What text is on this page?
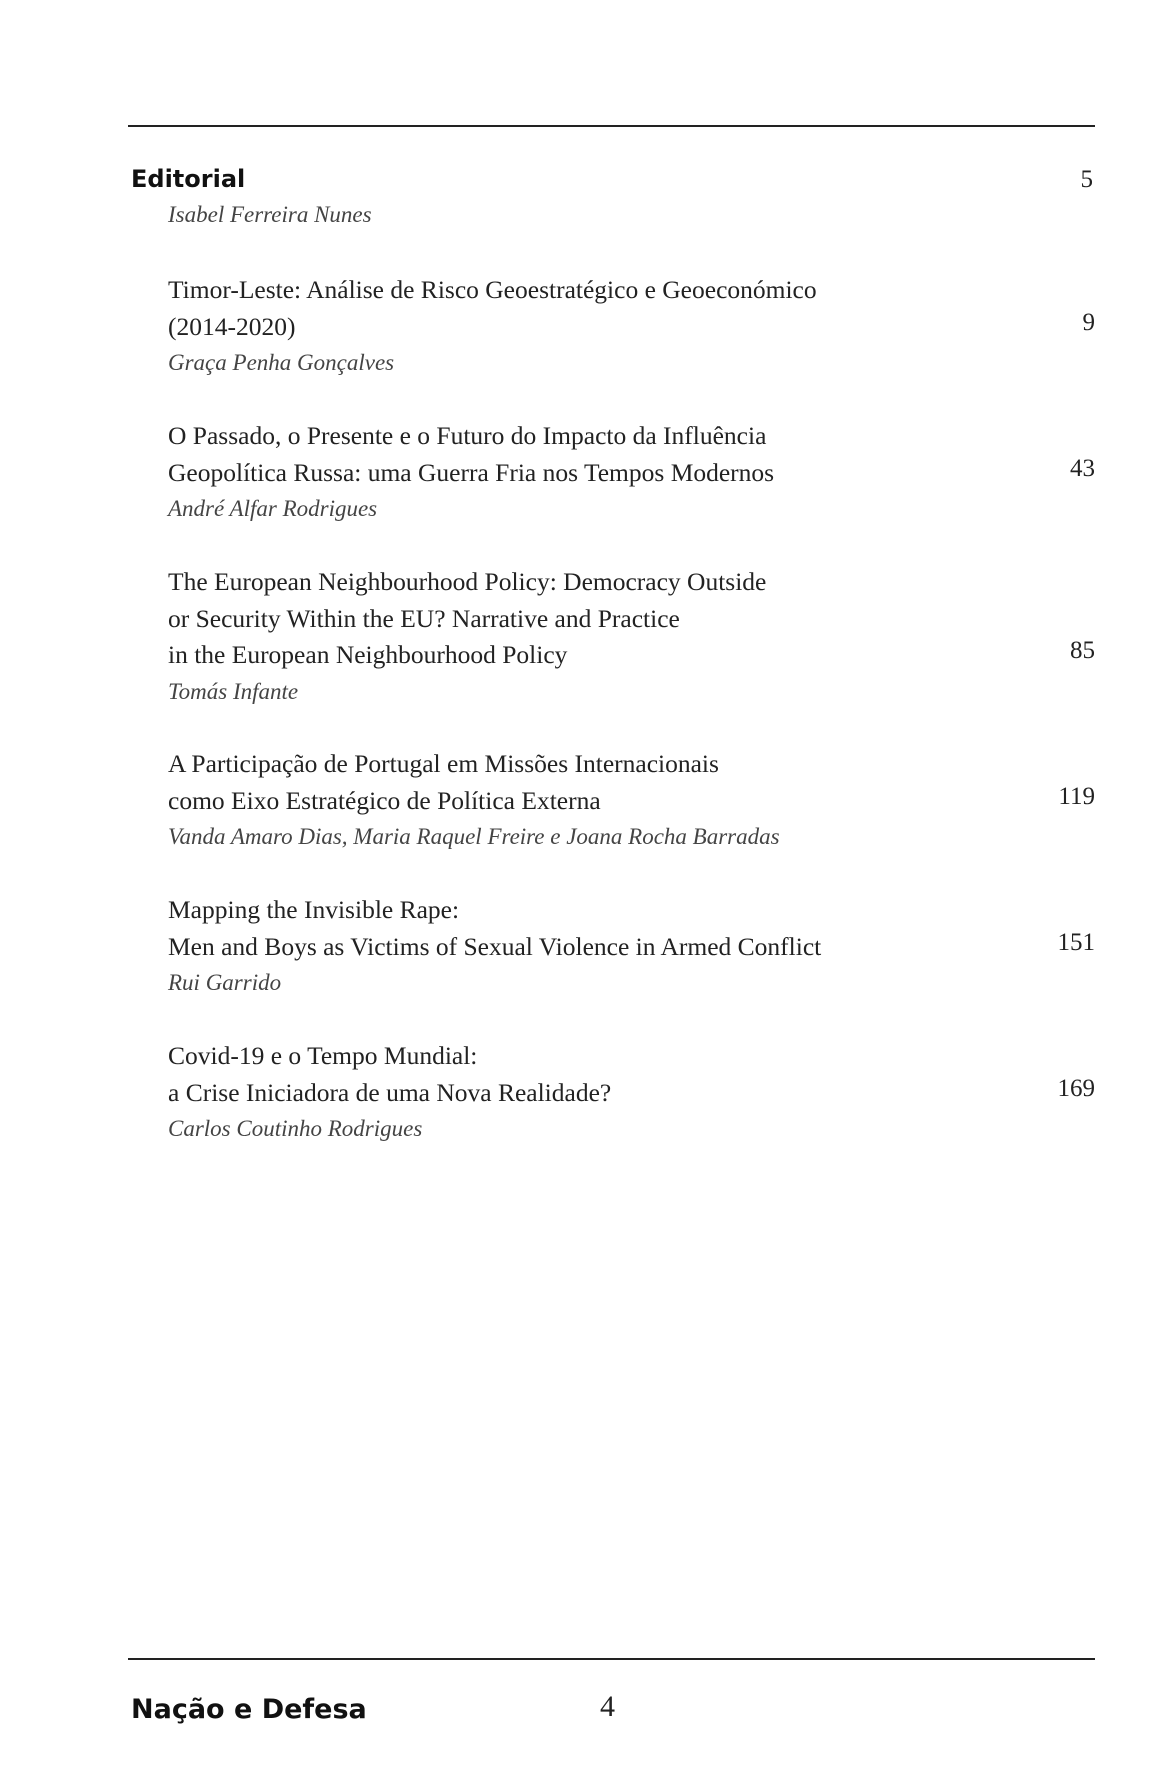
Editorial
Isabel Ferreira Nunes
5
Timor-Leste: Análise de Risco Geoestratégico e Geoeconómico
(2014-2020)
Graça Penha Gonçalves
9
O Passado, o Presente e o Futuro do Impacto da Influência
Geopolítica Russa: uma Guerra Fria nos Tempos Modernos
André Alfar Rodrigues
43
The European Neighbourhood Policy: Democracy Outside
or Security Within the EU? Narrative and Practice
in the European Neighbourhood Policy
Tomás Infante
85
A Participação de Portugal em Missões Internacionais
como Eixo Estratégico de Política Externa
Vanda Amaro Dias, Maria Raquel Freire e Joana Rocha Barradas
119
Mapping the Invisible Rape:
Men and Boys as Victims of Sexual Violence in Armed Conflict
Rui Garrido
151
Covid-19 e o Tempo Mundial:
a Crise Iniciadora de uma Nova Realidade?
Carlos Coutinho Rodrigues
169
Nação e Defesa	4
